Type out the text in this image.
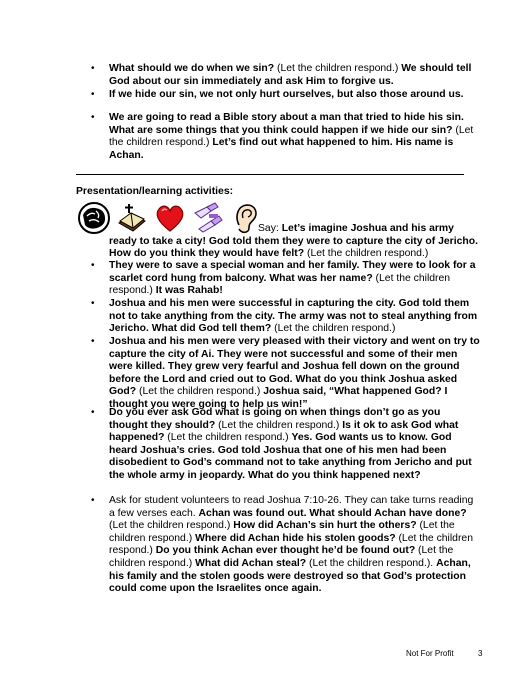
• What should we do when we sin? (Let the children respond.) We should tell God about our sin immediately and ask Him to forgive us.
• If we hide our sin, we not only hurt ourselves, but also those around us.
• We are going to read a Bible story about a man that tried to hide his sin. What are some things that you think could happen if we hide our sin? (Let the children respond.) Let’s find out what happened to him. His name is Achan.
Presentation/learning activities:
Say: Let’s imagine Joshua and his army ready to take a city! God told them they were to capture the city of Jericho. How do you think they would have felt? (Let the children respond.)
• They were to save a special woman and her family. They were to look for a scarlet cord hung from balcony. What was her name? (Let the children respond.) It was Rahab!
• Joshua and his men were successful in capturing the city. God told them not to take anything from the city. The army was not to steal anything from Jericho. What did God tell them? (Let the children respond.)
• Joshua and his men were very pleased with their victory and went on try to capture the city of Ai. They were not successful and some of their men were killed. They grew very fearful and Joshua fell down on the ground before the Lord and cried out to God. What do you think Joshua asked God? (Let the children respond.) Joshua said, “What happened God? I thought you were going to help us win!”
• Do you ever ask God what is going on when things don’t go as you thought they should? (Let the children respond.) Is it ok to ask God what happened? (Let the children respond.) Yes. God wants us to know. God heard Joshua’s cries. God told Joshua that one of his men had been disobedient to God’s command not to take anything from Jericho and put the whole army in jeopardy. What do you think happened next?
• Ask for student volunteers to read Joshua 7:10-26. They can take turns reading a few verses each. Achan was found out. What should Achan have done? (Let the children respond.) How did Achan’s sin hurt the others? (Let the children respond.) Where did Achan hide his stolen goods? (Let the children respond.) Do you think Achan ever thought he’d be found out? (Let the children respond.) What did Achan steal? (Let the children respond.). Achan, his family and the stolen goods were destroyed so that God’s protection could come upon the Israelites once again.
Not For Profit	3
